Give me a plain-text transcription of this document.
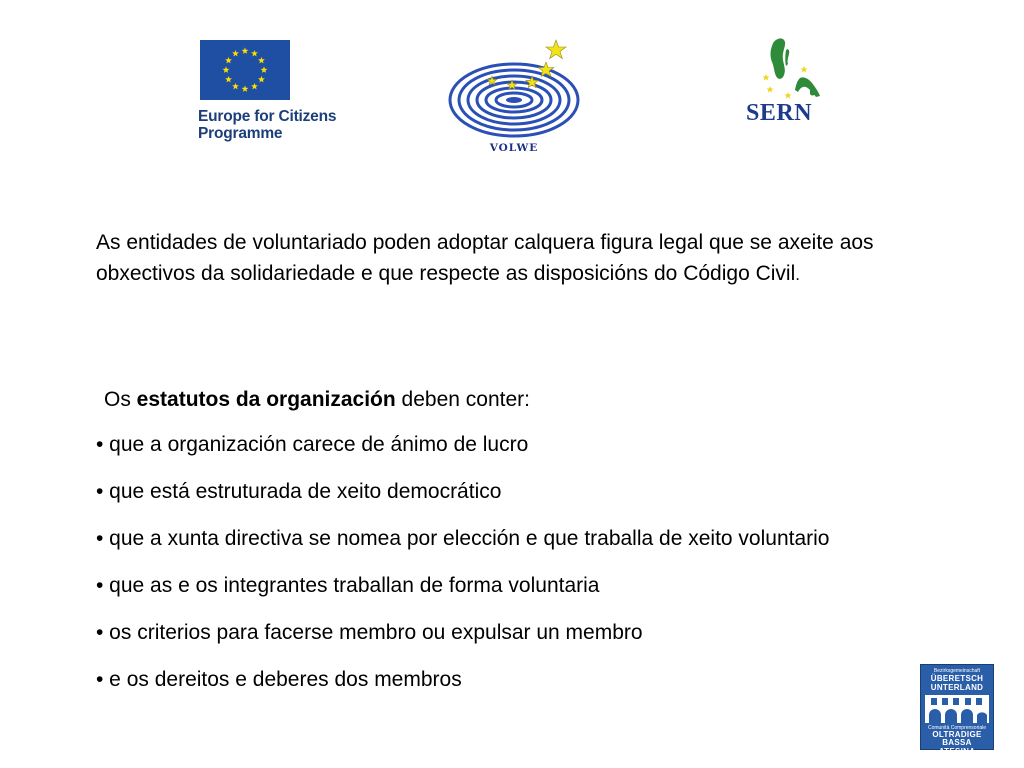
Europe for Citizens
Programme
VOLWE
SERN
As entidades de voluntariado poden adoptar calquera figura legal que se axeite aos obxectivos da solidariedade e que respecte as disposicións do Código Civil.
Os estatutos da organización deben conter:
• que a organización carece de ánimo de lucro
• que está estruturada de xeito democrático
• que a xunta directiva se nomea por elección e que traballa de xeito voluntario
• que as e os integrantes traballan de forma voluntaria
• os criterios para facerse membro ou expulsar un membro
• e os dereitos e deberes dos membros	Bezirksgemeinschaft
ÜBERETSCH
UNTERLAND
Comunità Comprensoriale
OLTRADIGE
BASSA ATESINA
